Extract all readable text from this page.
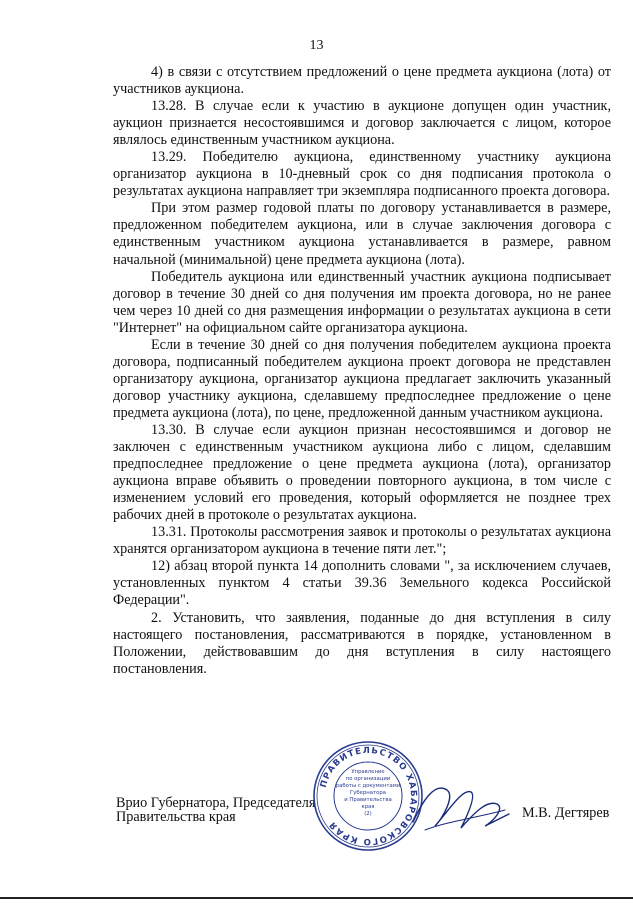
13

4) в связи с отсутствием предложений о цене предмета аукциона (лота) от участников аукциона.

13.28. В случае если к участию в аукционе допущен один участник, аукцион признается несостоявшимся и договор заключается с лицом, которое являлось единственным участником аукциона.

13.29. Победителю аукциона, единственному участнику аукциона организатор аукциона в 10-дневный срок со дня подписания протокола о результатах аукциона направляет три экземпляра подписанного проекта договора.

При этом размер годовой платы по договору устанавливается в размере, предложенном победителем аукциона, или в случае заключения договора с единственным участником аукциона устанавливается в размере, равном начальной (минимальной) цене предмета аукциона (лота).

Победитель аукциона или единственный участник аукциона подписывает договор в течение 30 дней со дня получения им проекта договора, но не ранее чем через 10 дней со дня размещения информации о результатах аукциона в сети "Интернет" на официальном сайте организатора аукциона.

Если в течение 30 дней со дня получения победителем аукциона проекта договора, подписанный победителем аукциона проект договора не представлен организатору аукциона, организатор аукциона предлагает заключить указанный договор участнику аукциона, сделавшему предпоследнее предложение о цене предмета аукциона (лота), по цене, предложенной данным участником аукциона.

13.30. В случае если аукцион признан несостоявшимся и договор не заключен с единственным участником аукциона либо с лицом, сделавшим предпоследнее предложение о цене предмета аукциона (лота), организатор аукциона вправе объявить о проведении повторного аукциона, в том числе с изменением условий его проведения, который оформляется не позднее трех рабочих дней в протоколе о результатах аукциона.

13.31. Протоколы рассмотрения заявок и протоколы о результатах аукциона хранятся организатором аукциона в течение пяти лет.";

12) абзац второй пункта 14 дополнить словами ", за исключением случаев, установленных пунктом 4 статьи 39.36 Земельного кодекса Российской Федерации".

2. Установить, что заявления, поданные до дня вступления в силу настоящего постановления, рассматриваются в порядке, установленном в Положении, действовавшим до дня вступления в силу настоящего постановления.

Врио Губернатора, Председателя
Правительства края
ПРАВИТЕЛЬСТВО ХАБАРОВСКОГО КРАЯ
Управление
по организации
работы с документами
Губернатора
и Правительства
края
(2)	М.В. Дегтярев
